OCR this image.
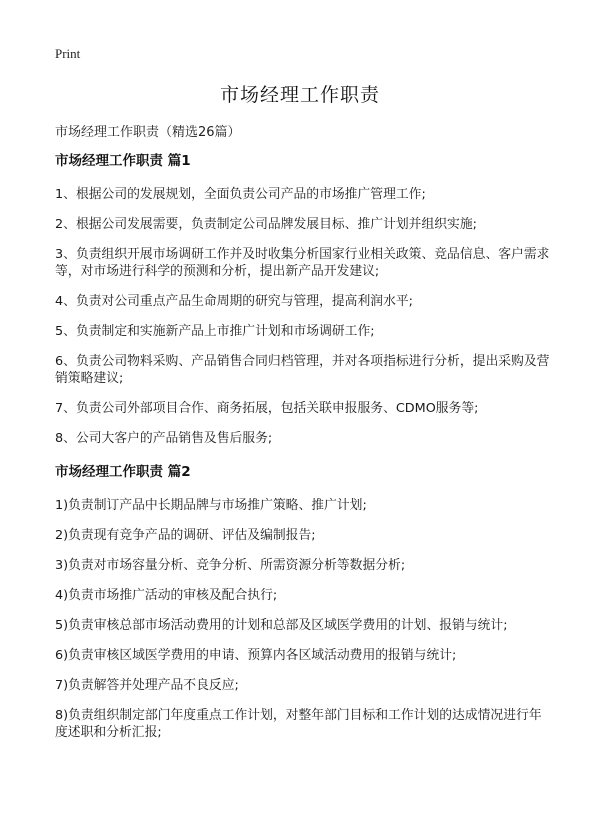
Print
市场经理工作职责
市场经理工作职责（精选26篇）
市场经理工作职责 篇1
1、根据公司的发展规划，全面负责公司产品的市场推广管理工作;
2、根据公司发展需要，负责制定公司品牌发展目标、推广计划并组织实施;
3、负责组织开展市场调研工作并及时收集分析国家行业相关政策、竞品信息、客户需求等，对市场进行科学的预测和分析，提出新产品开发建议;
4、负责对公司重点产品生命周期的研究与管理，提高利润水平;
5、负责制定和实施新产品上市推广计划和市场调研工作;
6、负责公司物料采购、产品销售合同归档管理，并对各项指标进行分析，提出采购及营销策略建议;
7、负责公司外部项目合作、商务拓展，包括关联申报服务、CDMO服务等;
8、公司大客户的产品销售及售后服务;
市场经理工作职责 篇2
1)负责制订产品中长期品牌与市场推广策略、推广计划;
2)负责现有竞争产品的调研、评估及编制报告;
3)负责对市场容量分析、竞争分析、所需资源分析等数据分析;
4)负责市场推广活动的审核及配合执行;
5)负责审核总部市场活动费用的计划和总部及区域医学费用的计划、报销与统计;
6)负责审核区域医学费用的申请、预算内各区域活动费用的报销与统计;
7)负责解答并处理产品不良反应;
8)负责组织制定部门年度重点工作计划，对整年部门目标和工作计划的达成情况进行年度述职和分析汇报;
